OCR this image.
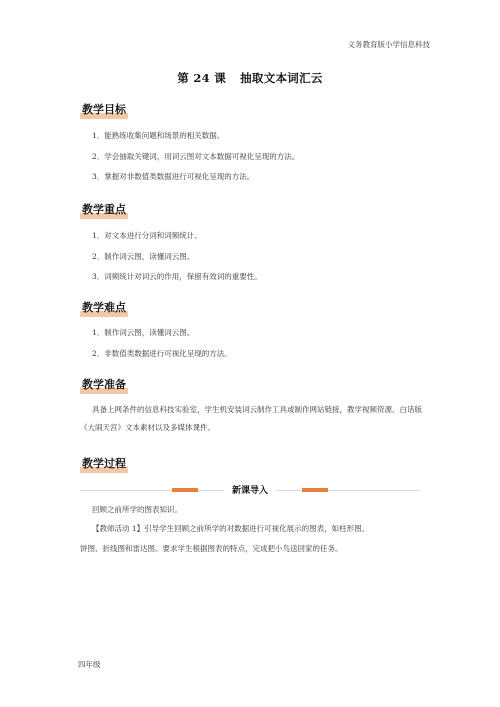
义务教育版小学信息科技
第 24 课 抽取文本词汇云
教学目标
1．能熟练收集问题和场景的相关数据。
2．学会抽取关键词，用词云图对文本数据可视化呈现的方法。
3．掌握对非数值类数据进行可视化呈现的方法。
教学重点
1．对文本进行分词和词频统计。
2．制作词云图，读懂词云图。
3．词频统计对词云的作用，保留有效词的重要性。
教学难点
1．制作词云图，读懂词云图。
2．非数值类数据进行可视化呈现的方法。
教学准备
具备上网条件的信息科技实验室，学生机安装词云制作工具或制作网站链接，教学视频资源、白话版《大闹天宫》文本素材以及多媒体课件。
教学过程
新课导入
回顾之前所学的图表知识。
【教师活动 1】引导学生回顾之前所学的对数据进行可视化展示的图表，如柱形图、
饼图、折线图和雷达图。要求学生根据图表的特点，完成把小鸟送回家的任务。
四年级
